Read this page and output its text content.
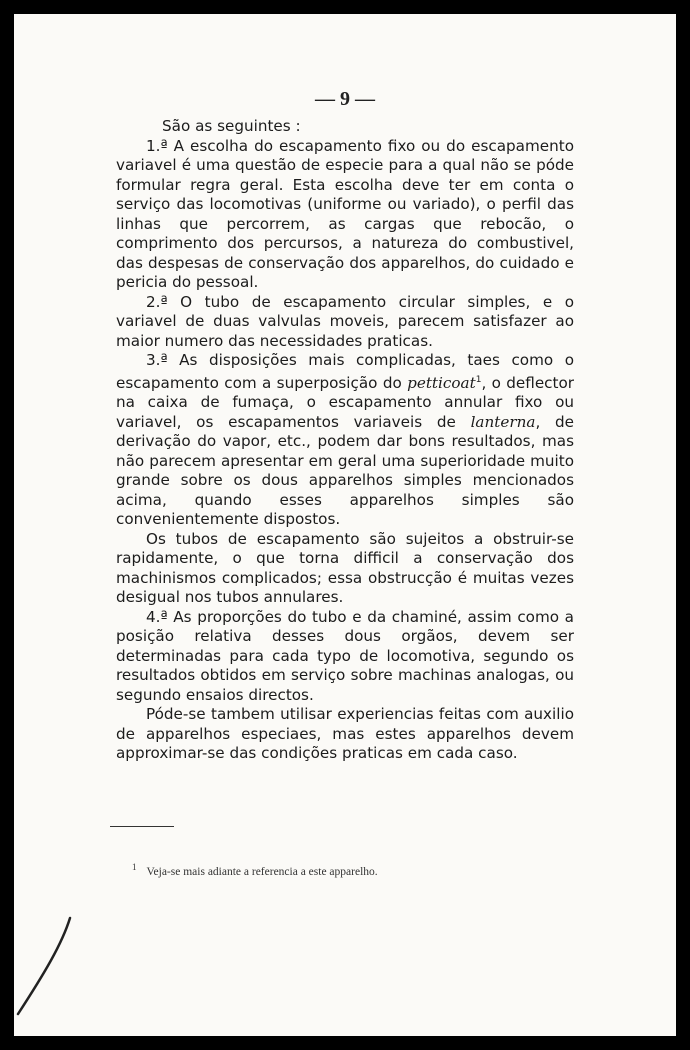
— 9 —

São as seguintes :

1.ª A escolha do escapamento fixo ou do escapamento variavel é uma questão de especie para a qual não se póde formular regra geral. Esta escolha deve ter em conta o serviço das locomotivas (uniforme ou variado), o perfil das linhas que percorrem, as cargas que rebocão, o comprimento dos percursos, a natureza do combustivel, das despesas de conservação dos apparelhos, do cuidado e pericia do pessoal.

2.ª O tubo de escapamento circular simples, e o variavel de duas valvulas moveis, parecem satisfazer ao maior numero das necessidades praticas.

3.ª As disposições mais complicadas, taes como o escapamento com a superposição do petticoat$^1$, o deflector na caixa de fumaça, o escapamento annular fixo ou variavel, os escapamentos variaveis de lanterna, de derivação do vapor, etc., podem dar bons resultados, mas não parecem apresentar em geral uma superioridade muito grande sobre os dous apparelhos simples mencionados acima, quando esses apparelhos simples são convenientemente dispostos.

Os tubos de escapamento são sujeitos a obstruir-se rapidamente, o que torna difficil a conservação dos machinismos complicados; essa obstrucção é muitas vezes desigual nos tubos annulares.

4.ª As proporções do tubo e da chaminé, assim como a posição relativa desses dous orgãos, devem ser determinadas para cada typo de locomotiva, segundo os resultados obtidos em serviço sobre machinas analogas, ou segundo ensaios directos.

Póde-se tambem utilisar experiencias feitas com auxilio de apparelhos especiaes, mas estes apparelhos devem approximar-se das condições praticas em cada caso.

$^1$ Veja-se mais adiante a referencia a este apparelho.
